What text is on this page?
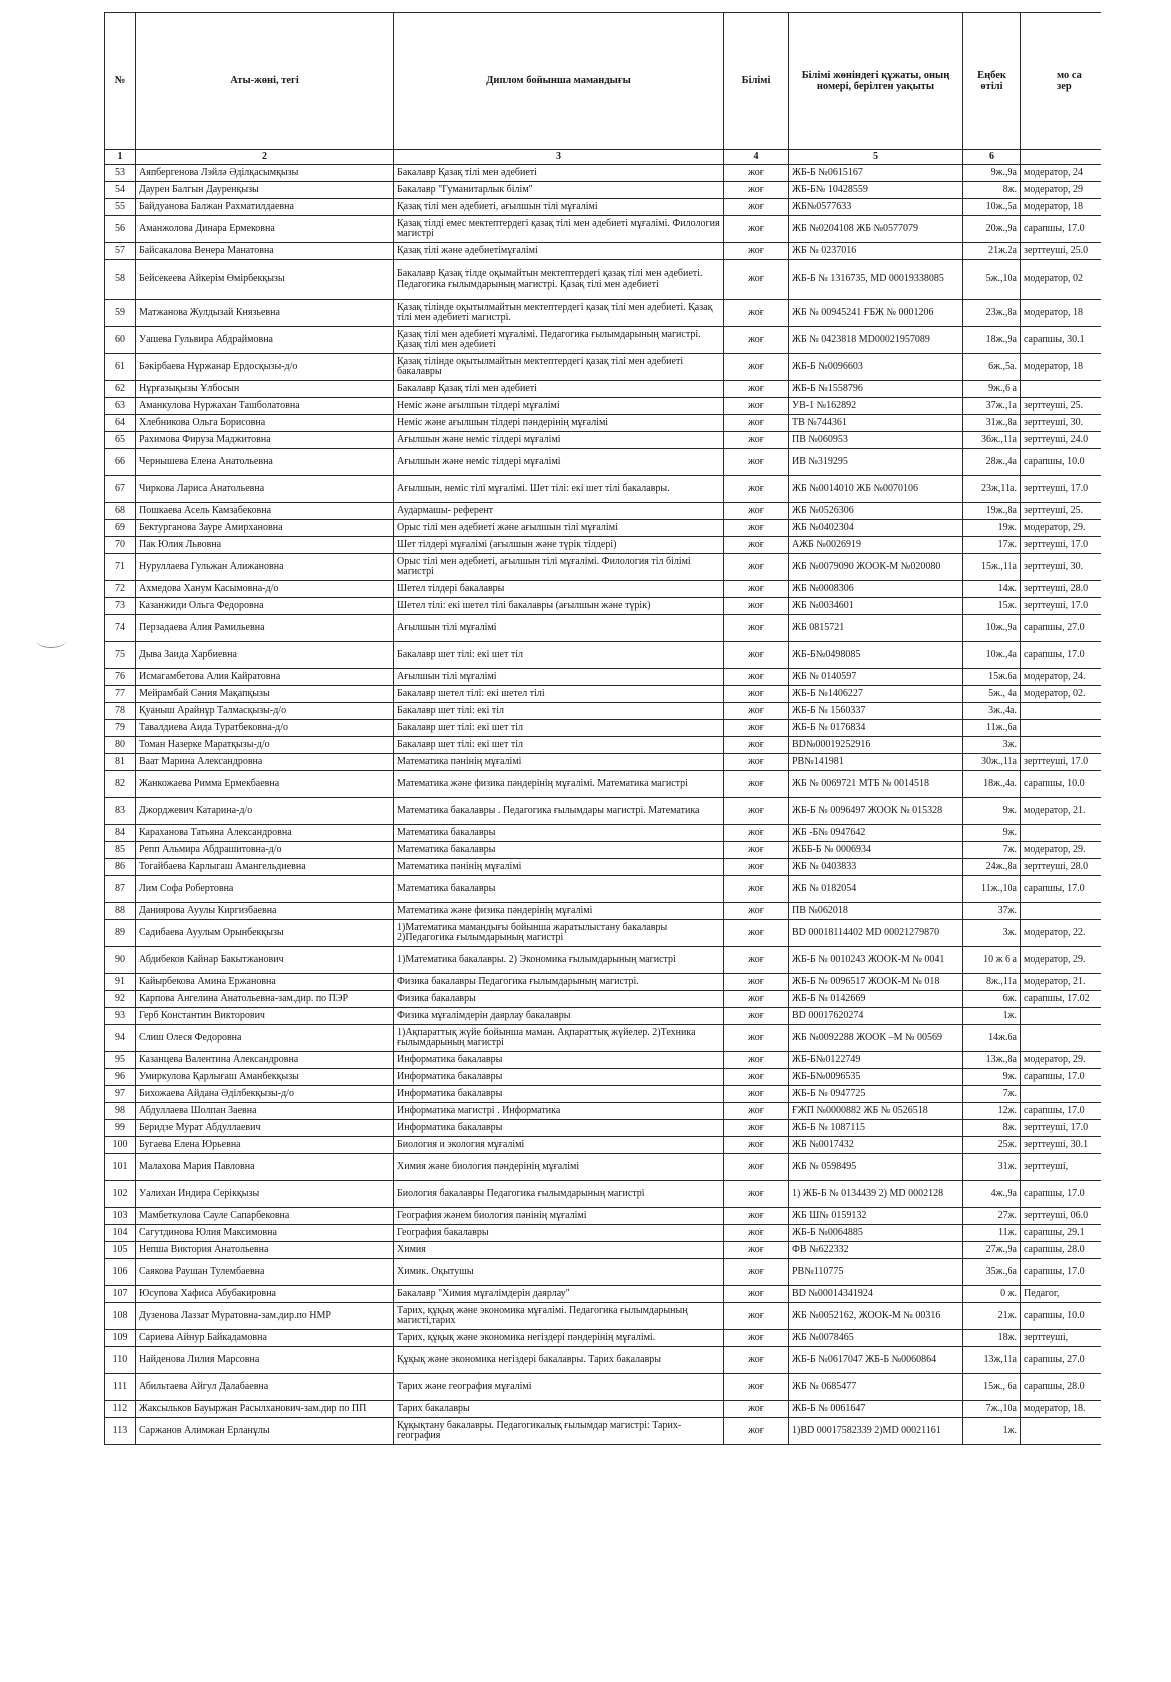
№	Аты-жөні, тегі	Диплом бойынша мамандығы	Білімі	Білімі жөніндегі құжаты, оның номері, берілген уақыты	Еңбек өтілі	мо са зер
1	2	3	4	5	6	
53	Аяпбергенова Лэйлә Әділқасымқызы	Бакалавр Қазақ тілі мен әдебиеті	жоғ	ЖБ-Б №0615167	9ж.,9а	модератор, 24
54	Даурен Балгын Дауренқызы	Бакалавр "Гуманитарлык білім"	жоғ	ЖБ-Б№ 10428559	8ж.	модератор, 29
55	Байдуанова Балжан Рахматилдаевна	Қазақ тілі мен әдебиеті, ағылшын тілі мұғалімі	жоғ	ЖБ№0577633	10ж.,5а	модератор, 18
56	Аманжолова Динара Ермековна	Қазақ тілді емес мектептердегі қазақ тілі мен әдебиеті мұғалімі. Филология магистрі	жоғ	ЖБ №0204108 ЖБ №0577079	20ж.,9а	сарапшы, 17.0
57	Байсакалова Венера Манатовна	Қазақ тілі және әдебиетімұғалімі	жоғ	ЖБ № 0237016	21ж.2а	зерттеуші, 25.0
58	Бейсекеева Айкерім Өмірбекқызы	Бакалавр Қазақ тілде оқымайтын мектептердегі қазақ тілі мен әдебиеті. Педагогика ғылымдарының магистрі. Қазақ тілі мен әдебиеті	жоғ	ЖБ-Б № 1316735, MD 00019338085	5ж.,10а	модератор, 02
59	Матжанова Жулдызай Князьевна	Қазақ тілінде оқытылмайтын мектептердегі қазақ тілі мен әдебиеті. Қазақ тілі мен әдебиеті магистрі.	жоғ	ЖБ № 00945241 ҒБЖ № 0001206	23ж.,8а	модератор, 18
60	Уашева Гульвира Абдраймовна	Қазақ тілі мен әдебиеті мұғалімі. Педагогика ғылымдарының магистрі. Қазақ тілі мен әдебиеті	жоғ	ЖБ № 0423818 MD00021957089	18ж.,9а	сарапшы, 30.1
61	Бәкірбаева Нұржанар Ердосқызы-д/о	Қазақ тілінде оқытылмайтын мектептердегі қазақ тілі мен әдебиеті бакалавры	жоғ	ЖБ-Б №0096603	6ж.,5а.	модератор, 18
62	Нұрғазықызы Ұлбосын	Бакалавр Қазақ тілі мен әдебиеті	жоғ	ЖБ-Б №1558796	9ж.,6 а	
63	Аманкулова Нуржахан Ташболатовна	Неміс және ағылшын тілдері мұғалімі	жоғ	УВ-1 №162892	37ж.,1а	зерттеуші, 25.
64	Хлебникова Ольга Борисовна	Неміс және ағылшын тілдері пәндерінің мұғалімі	жоғ	ТВ №744361	31ж.,8а	зерттеуші, 30.
65	Рахимова Фируза Маджитовна	Ағылшын және неміс тілдері мұғалімі	жоғ	ПВ №060953	36ж.,11а	зерттеуші, 24.0
66	Чернышева Елена Анатольевна	Ағылшын және неміс тілдері мұғалімі	жоғ	ИВ №319295	28ж.,4а	сарапшы, 10.0
67	Чиркова Лариса Анатольевна	Ағылшын, неміс тілі мұғалімі. Шет тілі: екі шет тілі бакалавры.	жоғ	ЖБ №0014010 ЖБ №0070106	23ж,11а.	зерттеуші, 17.0
68	Пошкаева Асель Камзабековна	Аудармашы- референт	жоғ	ЖБ №0526306	19ж.,8а	зерттеуші, 25.
69	Бектурганова Зауре Амирхановна	Орыс тілі мен әдебиеті және ағылшын тілі мұғалімі	жоғ	ЖБ №0402304	19ж.	модератор, 29.
70	Пак Юлия Львовна	Шет тілдері мұғалімі (ағылшын және түрік тілдері)	жоғ	АЖБ №0026919	17ж.	зерттеуші, 17.0
71	Нуруллаева Гульжан Алижановна	Орыс тілі мен әдебиеті, ағылшын тілі мұғалімі. Филология тіл білімі магистрі	жоғ	ЖБ №0079090 ЖООК-М №020080	15ж.,11а	зерттеуші, 30.
72	Ахмедова Ханум Касымовна-д/о	Шетел тілдері бакалавры	жоғ	ЖБ №0008306	14ж.	зерттеуші, 28.0
73	Казанжиди Ольга Федоровна	Шетел тілі: екі шетел тілі бакалавры (ағылшын және түрік)	жоғ	ЖБ №0034601	15ж.	зерттеуші, 17.0
74	Перзадаева Алия Рамильевна	Ағылшын тілі мұғалімі	жоғ	ЖБ 0815721	10ж.,9а	сарапшы, 27.0
75	Дыва Заида Харбиевна	Бакалавр шет тілі: екі шет тіл	жоғ	ЖБ-Б№0498085	10ж.,4а	сарапшы, 17.0
76	Исмагамбетова Алия Кайратовна	Ағылшын тілі мұғалімі	жоғ	ЖБ № 0140597	15ж.6а	модератор, 24.
77	Мейрамбай Сәния Мақапқызы	Бакалавр шетел тілі: екі шетел тілі	жоғ	ЖБ-Б №1406227	5ж., 4а	модератор, 02.
78	Қуаныш Арайнұр Талмасқызы-д/о	Бакалавр шет тілі: екі тіл	жоғ	ЖБ-Б № 1560337	3ж.,4а.	
79	Тавалдиева Аида Туратбековна-д/о	Бакалавр шет тілі: екі шет тіл	жоғ	ЖБ-Б № 0176834	11ж.,6а	
80	Томан Назерке Маратқызы-д/о	Бакалавр шет тілі: екі шет тіл	жоғ	BD№00019252916	3ж.	
81	Ваат Марина Александровна	Математика пәнінің мұғалімі	жоғ	РВ№141981	30ж.,11а	зерттеуші, 17.0
82	Жанкожаева Римма Ермекбаевна	Математика және физика пәндерінің мұғалімі. Математика магистрі	жоғ	ЖБ № 0069721 МТБ № 0014518	18ж.,4а.	сарапшы, 10.0
83	Джорджевич Катарина-д/о	Математика бакалавры . Педагогика ғылымдары магистрі. Математика	жоғ	ЖБ-Б № 0096497 ЖООК № 015328	9ж.	модератор, 21.
84	Караханова Татьяна Александровна	Математика бакалавры	жоғ	ЖБ -Б№ 0947642	9ж.	
85	Репп Альмира Абдрашитовна-д/о	Математика бакалавры	жоғ	ЖББ-Б № 0006934	7ж.	модератор, 29.
86	Тогайбаева Карлыгаш Амангельдиевна	Математика пәнінің мұғалімі	жоғ	ЖБ № 0403833	24ж.,8а	зерттеуші, 28.0
87	Лим Софа Робертовна	Математика бакалавры	жоғ	ЖБ № 0182054	11ж.,10а	сарапшы, 17.0
88	Даниярова Ауулы Киргизбаевна	Математика және физика пәндерінің мұғалімі	жоғ	ПВ №062018	37ж.	
89	Садибаева Ауулым Орынбекқызы	1)Математика мамандығы бойынша жаратылыстану бакалавры 2)Педагогика ғылымдарының магистрі	жоғ	BD 00018114402 MD 00021279870	3ж.	модератор, 22.
90	Абдибеков Кайнар Бакытжанович	1)Математика бакалавры. 2) Экономика ғылымдарының магистрі	жоғ	ЖБ-Б № 0010243 ЖООК-М № 0041	10 ж 6 а	модератор, 29.
91	Кайырбекова Амина Ержановна	Физика бакалавры Педагогика ғылымдарының магистрі.	жоғ	ЖБ-Б № 0096517 ЖООК-М № 018	8ж.,11а	модератор, 21.
92	Карпова Ангелина Анатольевна-зам.дир. по ПЭР	Физика бакалавры	жоғ	ЖБ-Б № 0142669	6ж.	сарапшы, 17.02
93	Герб Константин Викторович	Физика мұғалімдерін даярлау бакалавры	жоғ	BD 00017620274	1ж.	
94	Слиш Олеся Федоровна	1)Ақпараттық жүйе бойынша маман. Ақпараттық жүйелер. 2)Техника ғылымдарының магистрі	жоғ	ЖБ №0092288 ЖООК –М № 00569	14ж.6а	
95	Казанцева Валентина Александровна	Информатика бакалавры	жоғ	ЖБ-Б№0122749	13ж.,8а	модератор, 29.
96	Умиркулова Қарлығаш Аманбекқызы	Информатика бакалавры	жоғ	ЖБ-Б№0096535	9ж.	сарапшы, 17.0
97	Бихожаева Айдана Әділбекқызы-д/о	Информатика бакалавры	жоғ	ЖБ-Б № 0947725	7ж.	
98	Абдуллаева Шолпан Заевна	Информатика магистрі . Информатика	жоғ	ҒЖП №0000882 ЖБ № 0526518	12ж.	сарапшы, 17.0
99	Беридзе Мурат Абдуллаевич	Информатика бакалавры	жоғ	ЖБ-Б № 1087115	8ж.	зерттеуші, 17.0
100	Бугаева Елена Юрьевна	Биология и экология мұғалімі	жоғ	ЖБ №0017432	25ж.	зерттеуші, 30.1
101	Малахова Мария Павловна	Химия және биология пәндерінің мұғалімі	жоғ	ЖБ № 0598495	31ж.	зерттеуші,
102	Уалихан Индира Серікқызы	Биология бакалавры Педагогика ғылымдарының магистрі	жоғ	1) ЖБ-Б № 0134439 2) MD 0002128	4ж.,9а	сарапшы, 17.0
103	Мамбеткулова Сауле Сапарбековна	География жәнем биология пәнінің мұғалімі	жоғ	ЖБ Ш№ 0159132	27ж.	зерттеуші, 06.0
104	Сагутдинова Юлия Максимовна	География бакалавры	жоғ	ЖБ-Б №0064885	11ж.	сарапшы, 29.1
105	Непша Виктория Анатольевна	Химия	жоғ	ФВ №622332	27ж.,9а	сарапшы, 28.0
106	Саякова Раушан Тулембаевна	Химик. Оқытушы	жоғ	РВ№110775	35ж.,6а	сарапшы, 17.0
107	Юсупова Хафиса Абубакировна	Бакалавр "Химия мұғалімдерін даярлау"	жоғ	BD №00014341924	0 ж.	Педагог,
108	Дузенова Лаззат Муратовна-зам.дир.по НМР	Тарих, құқық және экономика мұғалімі. Педагогика ғылымдарының магисті,тарих	жоғ	ЖБ №0052162, ЖООК-М № 00316	21ж.	сарапшы, 10.0
109	Сариева Айнур Байкадамовна	Тарих, құқық және экономика негіздері пәндерінің мұғалімі.	жоғ	ЖБ №0078465	18ж.	зерттеуші,
110	Найденова Лилия Марсовна	Құқық және экономика негіздері бакалавры. Тарих бакалавры	жоғ	ЖБ-Б №0617047 ЖБ-Б №0060864	13ж,11а	сарапшы, 27.0
111	Абильтаева Айгул Далабаевна	Тарих және география мұғалімі	жоғ	ЖБ № 0685477	15ж., 6а	сарапшы, 28.0
112	Жаксыльков Бауыржан Расылханович-зам.дир по ПП	Тарих бакалавры	жоғ	ЖБ-Б № 0061647	7ж.,10а	модератор, 18.
113	Саржанов Алимжан Ерланұлы	Құқықтану бакалавры. Педагогикалық ғылымдар магистрі: Тарих-география	жоғ	1)BD 00017582339 2)MD 00021161	1ж.	
